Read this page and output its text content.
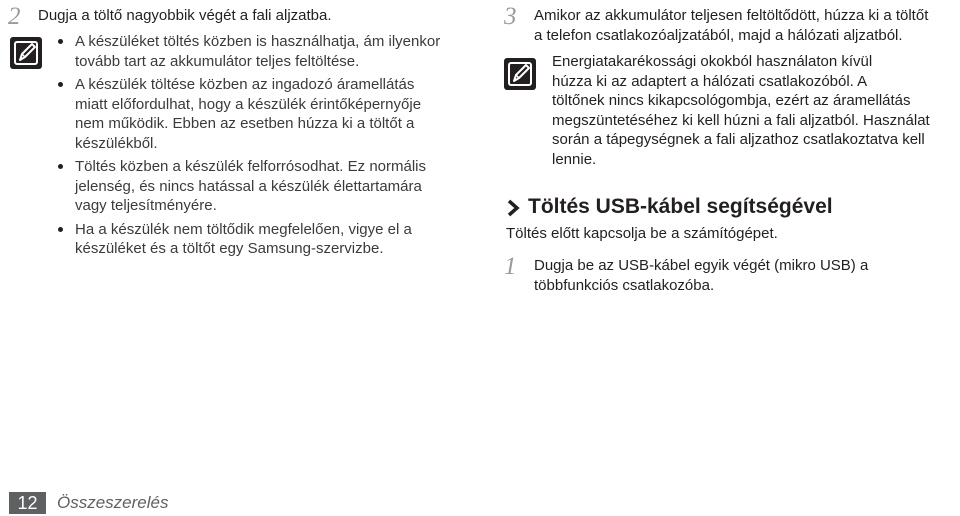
2 Dugja a töltő nagyobbik végét a fali aljzatba.
A készüléket töltés közben is használhatja, ám ilyenkor
tovább tart az akkumulátor teljes feltöltése.
A készülék töltése közben az ingadozó áramellátás
miatt előfordulhat, hogy a készülék érintőképernyője
nem működik. Ebben az esetben húzza ki a töltőt a
készülékből.
Töltés közben a készülék felforrósodhat. Ez normális
jelenség, és nincs hatással a készülék élettartamára
vagy teljesítményére.
Ha a készülék nem töltődik megfelelően, vigye el a
készüléket és a töltőt egy Samsung-szervizbe.
3 Amikor az akkumulátor teljesen feltöltődött, húzza ki a töltőt
a telefon csatlakozóaljzatából, majd a hálózati aljzatból.
Energiatakarékossági okokból használaton kívül
húzza ki az adaptert a hálózati csatlakozóból. A
töltőnek nincs kikapcsológombja, ezért az áramellátás
megszüntetéséhez ki kell húzni a fali aljzatból. Használat
során a tápegységnek a fali aljzathoz csatlakoztatva kell
lennie.
Töltés USB-kábel segítségével
Töltés előtt kapcsolja be a számítógépet.
1 Dugja be az USB-kábel egyik végét (mikro USB) a
többfunkciós csatlakozóba.
12	Összeszerelés
